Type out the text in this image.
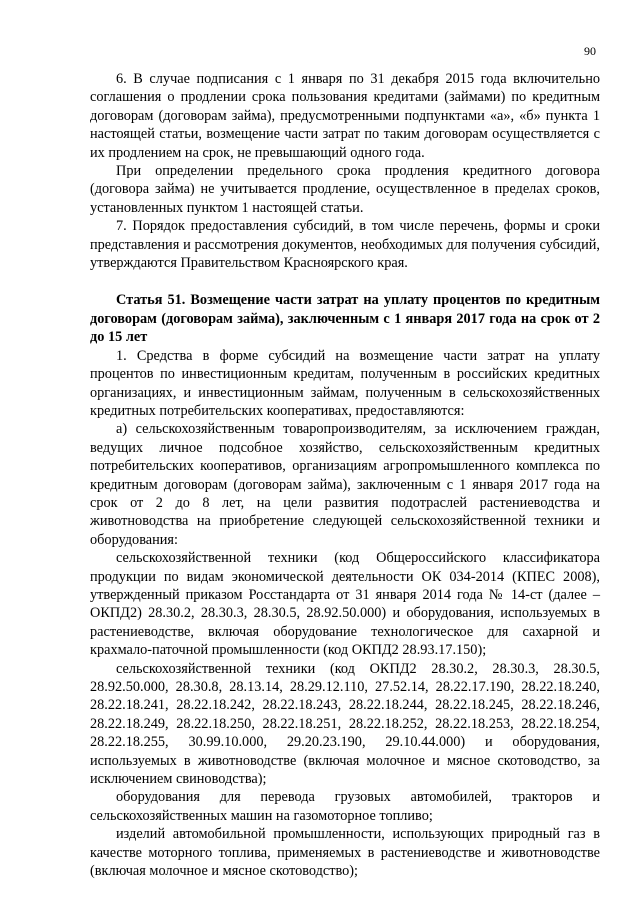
90

6. В случае подписания с 1 января по 31 декабря 2015 года включительно соглашения о продлении срока пользования кредитами (займами) по кредитным договорам (договорам займа), предусмотренными подпунктами «а», «б» пункта 1 настоящей статьи, возмещение части затрат по таким договорам осуществляется с их продлением на срок, не превышающий одного года.

При определении предельного срока продления кредитного договора (договора займа) не учитывается продление, осуществленное в пределах сроков, установленных пунктом 1 настоящей статьи.

7. Порядок предоставления субсидий, в том числе перечень, формы и сроки представления и рассмотрения документов, необходимых для получения субсидий, утверждаются Правительством Красноярского края.

Статья 51. Возмещение части затрат на уплату процентов по кредитным договорам (договорам займа), заключенным с 1 января 2017 года на срок от 2 до 15 лет

1. Средства в форме субсидий на возмещение части затрат на уплату процентов по инвестиционным кредитам, полученным в российских кредитных организациях, и инвестиционным займам, полученным в сельскохозяйственных кредитных потребительских кооперативах, предоставляются:

а) сельскохозяйственным товаропроизводителям, за исключением граждан, ведущих личное подсобное хозяйство, сельскохозяйственным кредитных потребительских кооперативов, организациям агропромышленного комплекса по кредитным договорам (договорам займа), заключенным с 1 января 2017 года на срок от 2 до 8 лет, на цели развития подотраслей растениеводства и животноводства на приобретение следующей сельскохозяйственной техники и оборудования:

сельскохозяйственной техники (код Общероссийского классификатора продукции по видам экономической деятельности ОК 034-2014 (КПЕС 2008), утвержденный приказом Росстандарта от 31 января 2014 года № 14-ст (далее – ОКПД2) 28.30.2, 28.30.3, 28.30.5, 28.92.50.000) и оборудования, используемых в растениеводстве, включая оборудование технологическое для сахарной и крахмало-паточной промышленности (код ОКПД2 28.93.17.150);

сельскохозяйственной техники (код ОКПД2 28.30.2, 28.30.3, 28.30.5, 28.92.50.000, 28.30.8, 28.13.14, 28.29.12.110, 27.52.14, 28.22.17.190, 28.22.18.240, 28.22.18.241, 28.22.18.242, 28.22.18.243, 28.22.18.244, 28.22.18.245, 28.22.18.246, 28.22.18.249, 28.22.18.250, 28.22.18.251, 28.22.18.252, 28.22.18.253, 28.22.18.254, 28.22.18.255, 30.99.10.000, 29.20.23.190, 29.10.44.000) и оборудования, используемых в животноводстве (включая молочное и мясное скотоводство, за исключением свиноводства);

оборудования для перевода грузовых автомобилей, тракторов и сельскохозяйственных машин на газомоторное топливо;

изделий автомобильной промышленности, использующих природный газ в качестве моторного топлива, применяемых в растениеводстве и животноводстве (включая молочное и мясное скотоводство);
